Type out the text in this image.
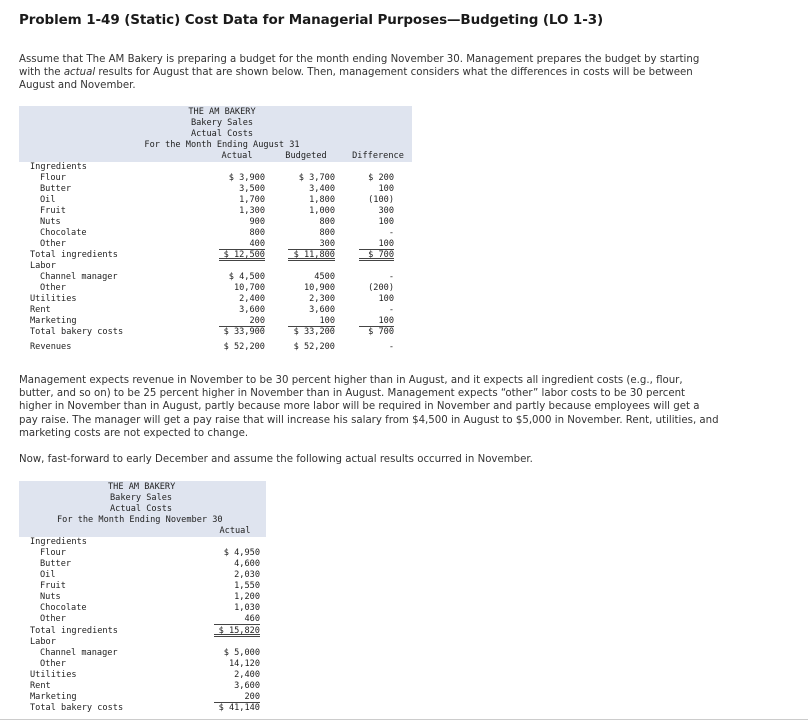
Problem 1-49 (Static) Cost Data for Managerial Purposes—Budgeting (LO 1-3)
Assume that The AM Bakery is preparing a budget for the month ending November 30. Management prepares the budget by starting with the actual results for August that are shown below. Then, management considers what the differences in costs will be between August and November.
THE AM BAKERY
Bakery Sales
Actual Costs
For the Month Ending August 31
Actual	Budgeted	Difference
Ingredients
Flour	$ 3,900	$ 3,700	$ 200
Butter	3,500	3,400	100
Oil	1,700	1,800	(100)
Fruit	1,300	1,000	300
Nuts	900	800	100
Chocolate	800	800	-
Other	400	300	100
Total ingredients	$ 12,500	$ 11,800	$ 700
Labor
Channel manager	$ 4,500	4500	-
Other	10,700	10,900	(200)
Utilities	2,400	2,300	100
Rent	3,600	3,600	-
Marketing	200	100	100
Total bakery costs	$ 33,900	$ 33,200	$ 700
Revenues	$ 52,200	$ 52,200	-
Management expects revenue in November to be 30 percent higher than in August, and it expects all ingredient costs (e.g., flour, butter, and so on) to be 25 percent higher in November than in August. Management expects “other” labor costs to be 30 percent higher in November than in August, partly because more labor will be required in November and partly because employees will get a pay raise. The manager will get a pay raise that will increase his salary from $4,500 in August to $5,000 in November. Rent, utilities, and marketing costs are not expected to change.
Now, fast-forward to early December and assume the following actual results occurred in November.
THE AM BAKERY
Bakery Sales
Actual Costs
For the Month Ending November 30
Actual
Ingredients
Flour	$ 4,950
Butter	4,600
Oil	2,030
Fruit	1,550
Nuts	1,200
Chocolate	1,030
Other	460
Total ingredients	$ 15,820
Labor
Channel manager	$ 5,000
Other	14,120
Utilities	2,400
Rent	3,600
Marketing	200
Total bakery costs	$ 41,140
